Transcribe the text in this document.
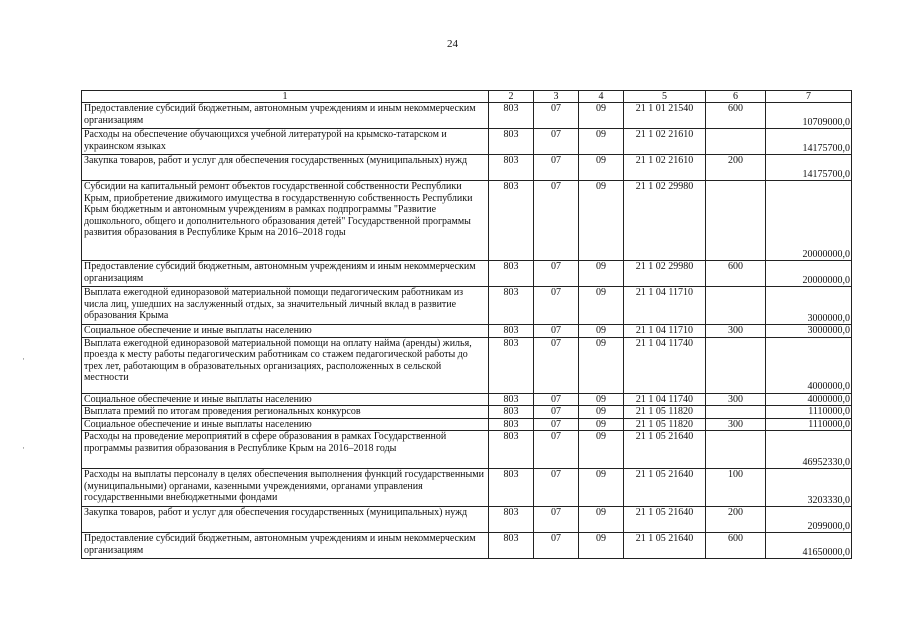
24
·
·
1	2	3	4	5	6	7
Предоставление субсидий бюджетным, автономным учреждениям и иным некоммерческим организациям	803	07	09	21 1 01 21540	600	10709000,0
Расходы на обеспечение обучающихся учебной литературой на крымско-татарском и украинском языках	803	07	09	21 1 02 21610		14175700,0
Закупка товаров, работ и услуг для обеспечения государственных (муниципальных) нужд	803	07	09	21 1 02 21610	200	14175700,0
Субсидии на капитальный ремонт объектов государственной собственности Республики Крым, приобретение движимого имущества в государственную собственность Республики Крым бюджетным и автономным учреждениям в рамках подпрограммы "Развитие дошкольного, общего и дополнительного образования детей" Государственной программы развития образования в Республике Крым на 2016–2018 годы	803	07	09	21 1 02 29980		20000000,0
Предоставление субсидий бюджетным, автономным учреждениям и иным некоммерческим организациям	803	07	09	21 1 02 29980	600	20000000,0
Выплата ежегодной единоразовой материальной помощи педагогическим работникам из числа лиц, ушедших на заслуженный отдых, за значительный личный вклад в развитие образования Крыма	803	07	09	21 1 04 11710		3000000,0
Социальное обеспечение и иные выплаты населению	803	07	09	21 1 04 11710	300	3000000,0
Выплата ежегодной единоразовой материальной помощи на оплату найма (аренды) жилья, проезда к месту работы педагогическим работникам со стажем педагогической работы до трех лет, работающим в образовательных организациях, расположенных в сельской местности	803	07	09	21 1 04 11740		4000000,0
Социальное обеспечение и иные выплаты населению	803	07	09	21 1 04 11740	300	4000000,0
Выплата премий по итогам проведения региональных конкурсов	803	07	09	21 1 05 11820		1110000,0
Социальное обеспечение и иные выплаты населению	803	07	09	21 1 05 11820	300	1110000,0
Расходы на проведение мероприятий в сфере образования в рамках Государственной программы развития образования в Республике Крым на 2016–2018 годы	803	07	09	21 1 05 21640		46952330,0
Расходы на выплаты персоналу в целях обеспечения выполнения функций государственными (муниципальными) органами, казенными учреждениями, органами управления государственными внебюджетными фондами	803	07	09	21 1 05 21640	100	3203330,0
Закупка товаров, работ и услуг для обеспечения государственных (муниципальных) нужд	803	07	09	21 1 05 21640	200	2099000,0
Предоставление субсидий бюджетным, автономным учреждениям и иным некоммерческим организациям	803	07	09	21 1 05 21640	600	41650000,0
